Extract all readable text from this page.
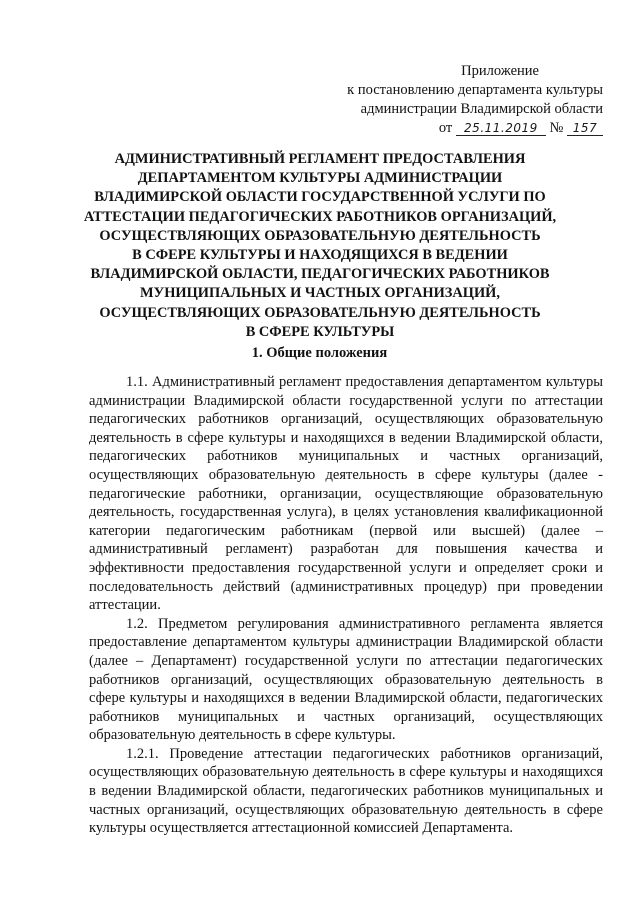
Приложение
к постановлению департамента культуры
администрации Владимирской области
от 25.11.2019 № 157
АДМИНИСТРАТИВНЫЙ РЕГЛАМЕНТ ПРЕДОСТАВЛЕНИЯ
ДЕПАРТАМЕНТОМ КУЛЬТУРЫ АДМИНИСТРАЦИИ
ВЛАДИМИРСКОЙ ОБЛАСТИ ГОСУДАРСТВЕННОЙ УСЛУГИ ПО
АТТЕСТАЦИИ ПЕДАГОГИЧЕСКИХ РАБОТНИКОВ ОРГАНИЗАЦИЙ,
ОСУЩЕСТВЛЯЮЩИХ ОБРАЗОВАТЕЛЬНУЮ ДЕЯТЕЛЬНОСТЬ
В СФЕРЕ КУЛЬТУРЫ И НАХОДЯЩИХСЯ В ВЕДЕНИИ
ВЛАДИМИРСКОЙ ОБЛАСТИ, ПЕДАГОГИЧЕСКИХ РАБОТНИКОВ
МУНИЦИПАЛЬНЫХ И ЧАСТНЫХ ОРГАНИЗАЦИЙ,
ОСУЩЕСТВЛЯЮЩИХ ОБРАЗОВАТЕЛЬНУЮ ДЕЯТЕЛЬНОСТЬ
В СФЕРЕ КУЛЬТУРЫ
1. Общие положения

1.1. Административный регламент предоставления департаментом культуры администрации Владимирской области государственной услуги по аттестации педагогических работников организаций, осуществляющих образовательную деятельность в сфере культуры и находящихся в ведении Владимирской области, педагогических работников муниципальных и частных организаций, осуществляющих образовательную деятельность в сфере культуры (далее - педагогические работники, организации, осуществляющие образовательную деятельность, государственная услуга), в целях установления квалификационной категории педагогическим работникам (первой или высшей) (далее – административный регламент) разработан для повышения качества и эффективности предоставления государственной услуги и определяет сроки и последовательность действий (административных процедур) при проведении аттестации.

1.2. Предметом регулирования административного регламента является предоставление департаментом культуры администрации Владимирской области (далее – Департамент) государственной услуги по аттестации педагогических работников организаций, осуществляющих образовательную деятельность в сфере культуры и находящихся в ведении Владимирской области, педагогических работников муниципальных и частных организаций, осуществляющих образовательную деятельность в сфере культуры.

1.2.1. Проведение аттестации педагогических работников организаций, осуществляющих образовательную деятельность в сфере культуры и находящихся в ведении Владимирской области, педагогических работников муниципальных и частных организаций, осуществляющих образовательную деятельность в сфере культуры осуществляется аттестационной комиссией Департамента.
